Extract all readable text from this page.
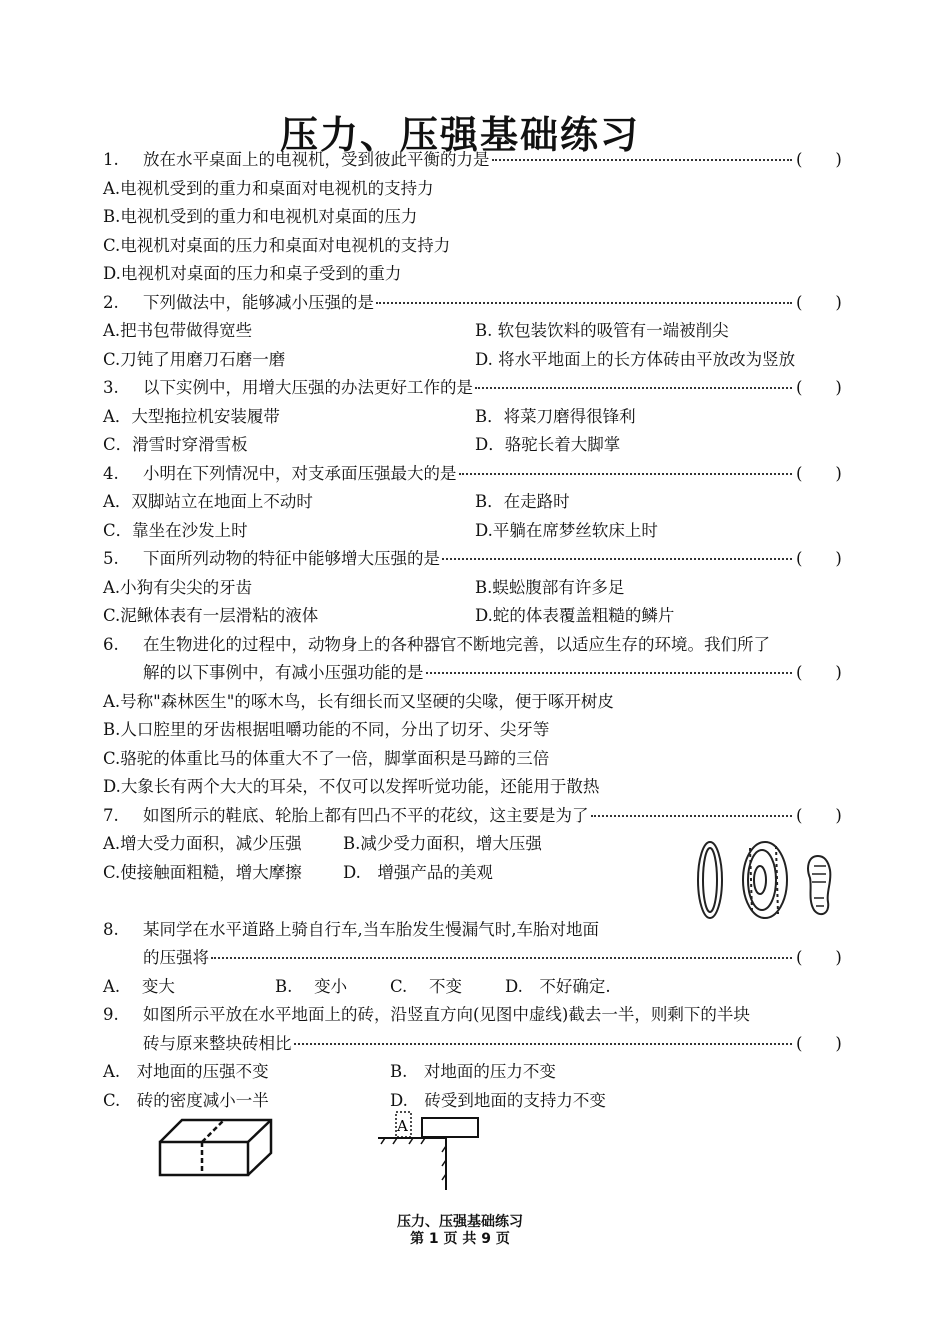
压力、压强基础练习
1.	放在水平桌面上的电视机，受到彼此平衡的力是	(　　)
A.电视机受到的重力和桌面对电视机的支持力
B.电视机受到的重力和电视机对桌面的压力
C.电视机对桌面的压力和桌面对电视机的支持力
D.电视机对桌面的压力和桌子受到的重力
2.	下列做法中，能够减小压强的是	(　　)
A.把书包带做得宽些	B. 软包装饮料的吸管有一端被削尖
C.刀钝了用磨刀石磨一磨	D. 将水平地面上的长方体砖由平放改为竖放
3.	以下实例中，用增大压强的办法更好工作的是	(　　)
A．大型拖拉机安装履带	B．将菜刀磨得很锋利
C．滑雪时穿滑雪板	D．骆驼长着大脚掌
4.	小明在下列情况中，对支承面压强最大的是	(　　)
A．双脚站立在地面上不动时	B．在走路时
C．靠坐在沙发上时	D.平躺在席梦丝软床上时
5.	下面所列动物的特征中能够增大压强的是	(　　)
A.小狗有尖尖的牙齿	B.蜈蚣腹部有许多足
C.泥鳅体表有一层滑粘的液体	D.蛇的体表覆盖粗糙的鳞片
6.	在生物进化的过程中，动物身上的各种器官不断地完善，以适应生存的环境。我们所了
解的以下事例中，有减小压强功能的是	(　　)
A.号称"森林医生"的啄木鸟，长有细长而又坚硬的尖喙，便于啄开树皮
B.人口腔里的牙齿根据咀嚼功能的不同，分出了切牙、尖牙等
C.骆驼的体重比马的体重大不了一倍，脚掌面积是马蹄的三倍
D.大象长有两个大大的耳朵，不仅可以发挥听觉功能，还能用于散热
7.	如图所示的鞋底、轮胎上都有凹凸不平的花纹，这主要是为了	(　　)
A.增大受力面积，减少压强	B.减少受力面积，增大压强
C.使接触面粗糙，增大摩擦 D.　增强产品的美观
8.	某同学在水平道路上骑自行车,当车胎发生慢漏气时,车胎对地面
的压强将	(　　)
A.　 变大	B.　 变小	C.　 不变	D.　不好确定.
9.	如图所示平放在水平地面上的砖，沿竖直方向(见图中虚线)截去一半，则剩下的半块
砖与原来整块砖相比	(　　)
A.　对地面的压强不变	B.　对地面的压力不变
C.　砖的密度减小一半	D.　砖受到地面的支持力不变
A
压力、压强基础练习
第 1 页 共 9 页
